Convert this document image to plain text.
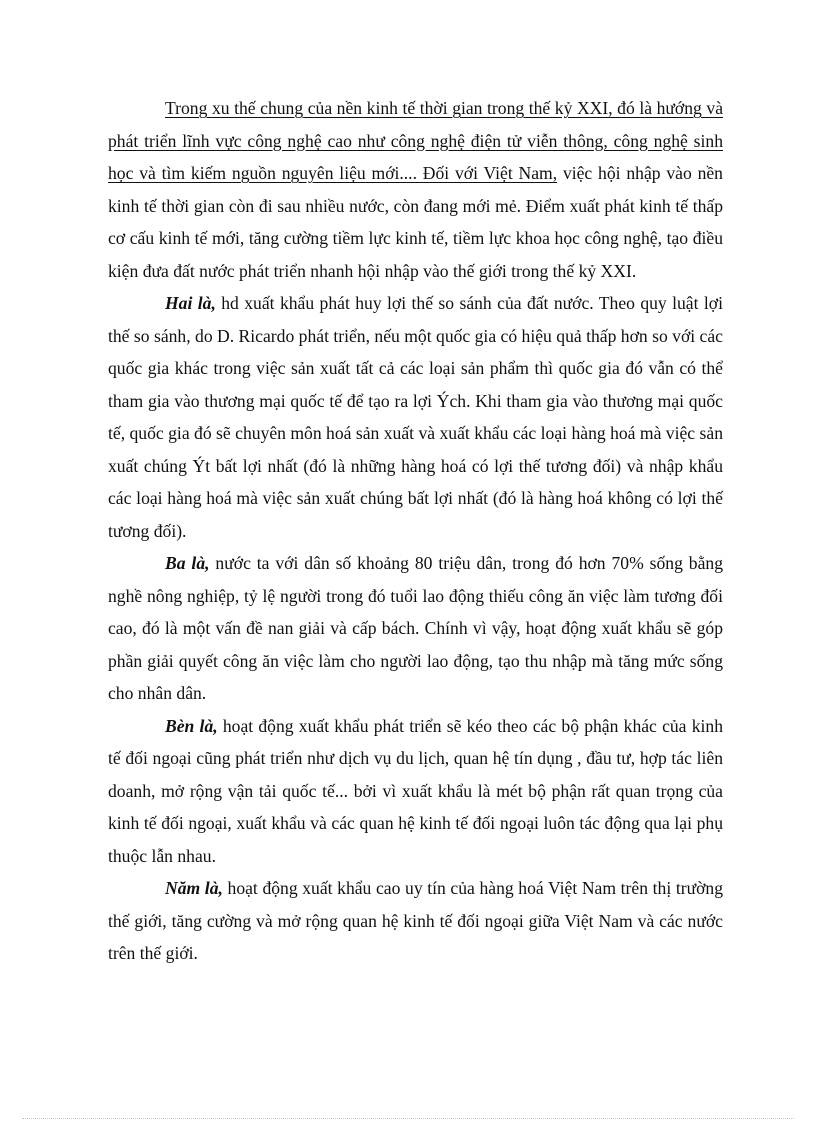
Trong xu thế chung của nền kinh tế thời gian trong thế kỷ XXI, đó là hướng và phát triển lĩnh vực công nghệ cao như công nghệ điện tử viễn thông, công nghệ sinh học và tìm kiếm nguồn nguyên liệu mới.... Đối với Việt Nam, việc hội nhập vào nền kinh tế thời gian còn đi sau nhiều nước, còn đang mới mẻ. Điểm xuất phát kinh tế thấp cơ cấu kinh tế mới, tăng cường tiềm lực kinh tế, tiềm lực khoa học công nghệ, tạo điều kiện đưa đất nước phát triển nhanh hội nhập vào thế giới trong thế kỷ XXI.

Hai là, hd xuất khẩu phát huy lợi thế so sánh của đất nước. Theo quy luật lợi thế so sánh, do D. Ricardo phát triển, nếu một quốc gia có hiệu quả thấp hơn so với các quốc gia khác trong việc sản xuất tất cả các loại sản phẩm thì quốc gia đó vẫn có thể tham gia vào thương mại quốc tế để tạo ra lợi Ých. Khi tham gia vào thương mại quốc tế, quốc gia đó sẽ chuyên môn hoá sản xuất và xuất khẩu các loại hàng hoá mà việc sản xuất chúng Ýt bất lợi nhất (đó là những hàng hoá có lợi thế tương đối) và nhập khẩu các loại hàng hoá mà việc sản xuất chúng bất lợi nhất (đó là hàng hoá không có lợi thế tương đối).

Ba là, nước ta với dân số khoảng 80 triệu dân, trong đó hơn 70% sống bằng nghề nông nghiệp, tỷ lệ người trong đó tuổi lao động thiếu công ăn việc làm tương đối cao, đó là một vấn đề nan giải và cấp bách. Chính vì vậy, hoạt động xuất khẩu sẽ góp phần giải quyết công ăn việc làm cho người lao động, tạo thu nhập mà tăng mức sống cho nhân dân.

Bèn là, hoạt động xuất khẩu phát triển sẽ kéo theo các bộ phận khác của kinh tế đối ngoại cũng phát triển như dịch vụ du lịch, quan hệ tín dụng , đầu tư, hợp tác liên doanh, mở rộng vận tải quốc tế... bởi vì xuất khẩu là mét bộ phận rất quan trọng của kinh tế đối ngoại, xuất khẩu và các quan hệ kinh tế đối ngoại luôn tác động qua lại phụ thuộc lẫn nhau.

Năm là, hoạt động xuất khẩu cao uy tín của hàng hoá Việt Nam trên thị trường thế giới, tăng cường và mở rộng quan hệ kinh tế đối ngoại giữa Việt Nam và các nước trên thế giới.
